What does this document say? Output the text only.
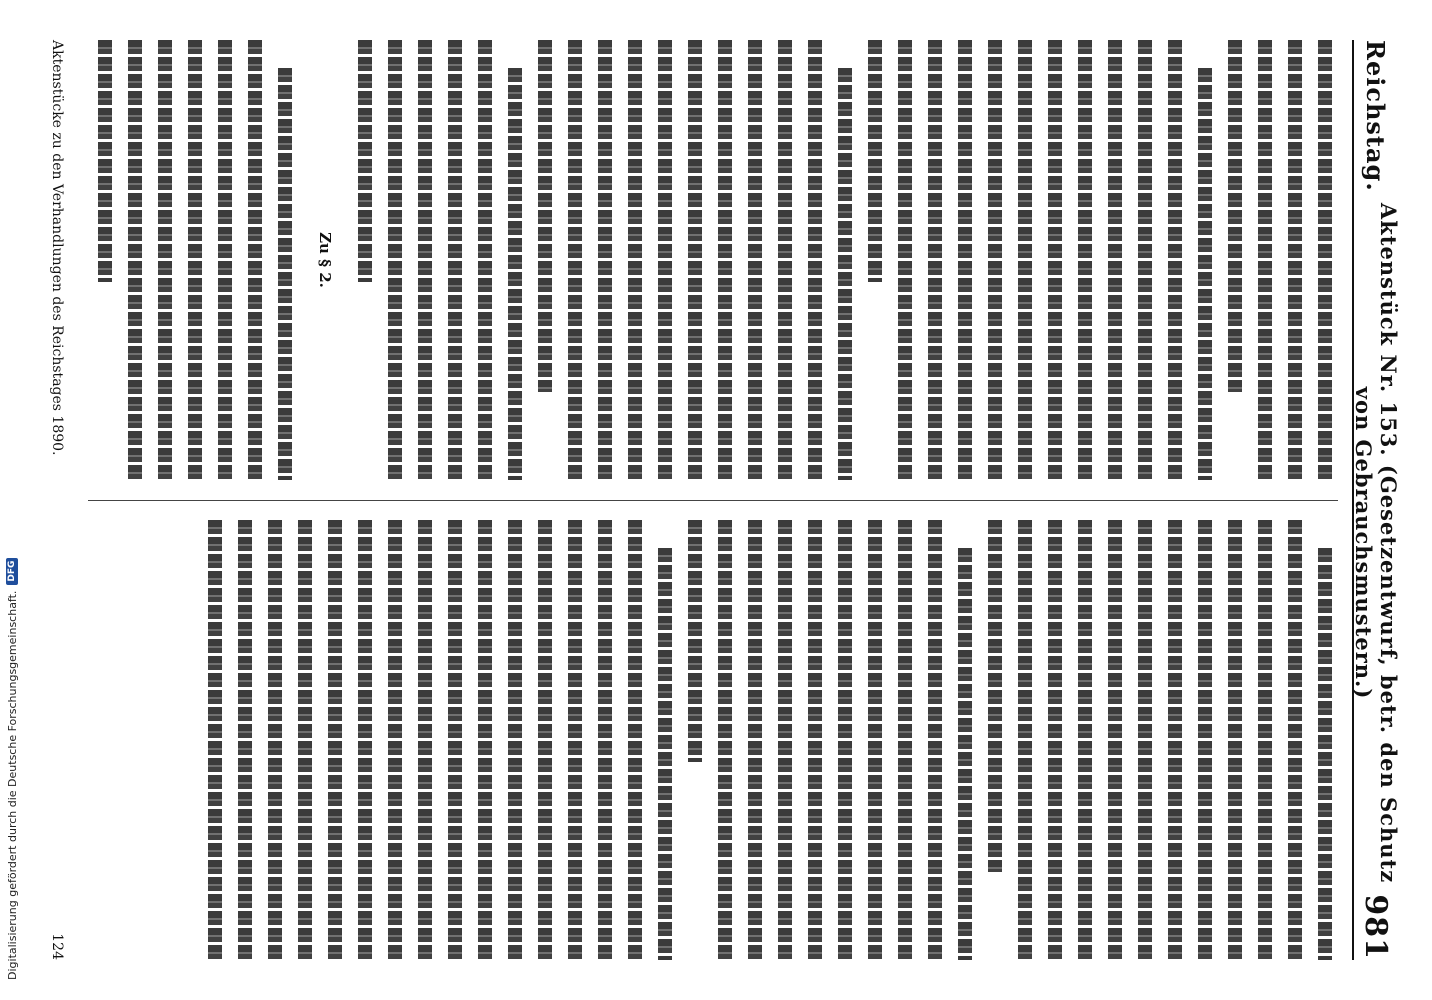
Reichstag.
Aktenstück Nr. 153. (Gesetzentwurf, betr. den Schutz von Gebrauchsmustern.)
981
Zu § 2.
Aktenstücke zu den Verhandlungen des Reichstages 1890.
124
Digitalisierung gefördert durch die Deutsche Forschungsgemeinschaft.
DFG
